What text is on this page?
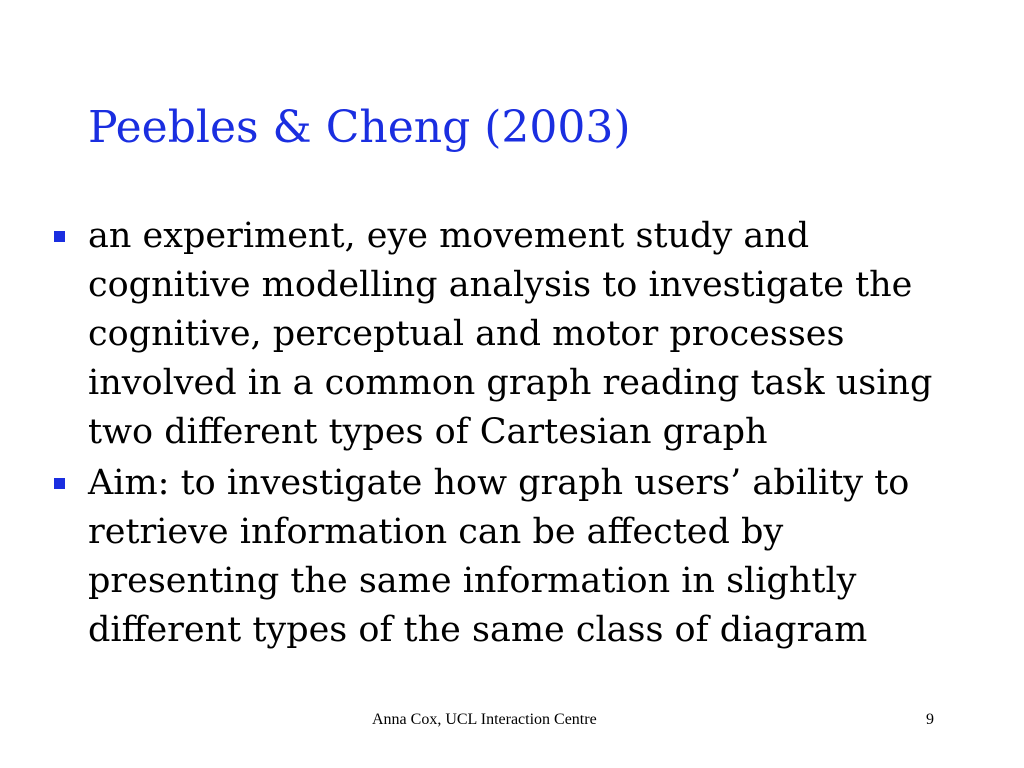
Peebles & Cheng (2003)
an experiment, eye movement study and cognitive modelling analysis to investigate the cognitive, perceptual and motor processes involved in a common graph reading task using two different types of Cartesian graph
Aim: to investigate how graph users’ ability to retrieve information can be affected by presenting the same information in slightly different types of the same class of diagram
Anna Cox, UCL Interaction Centre	9
